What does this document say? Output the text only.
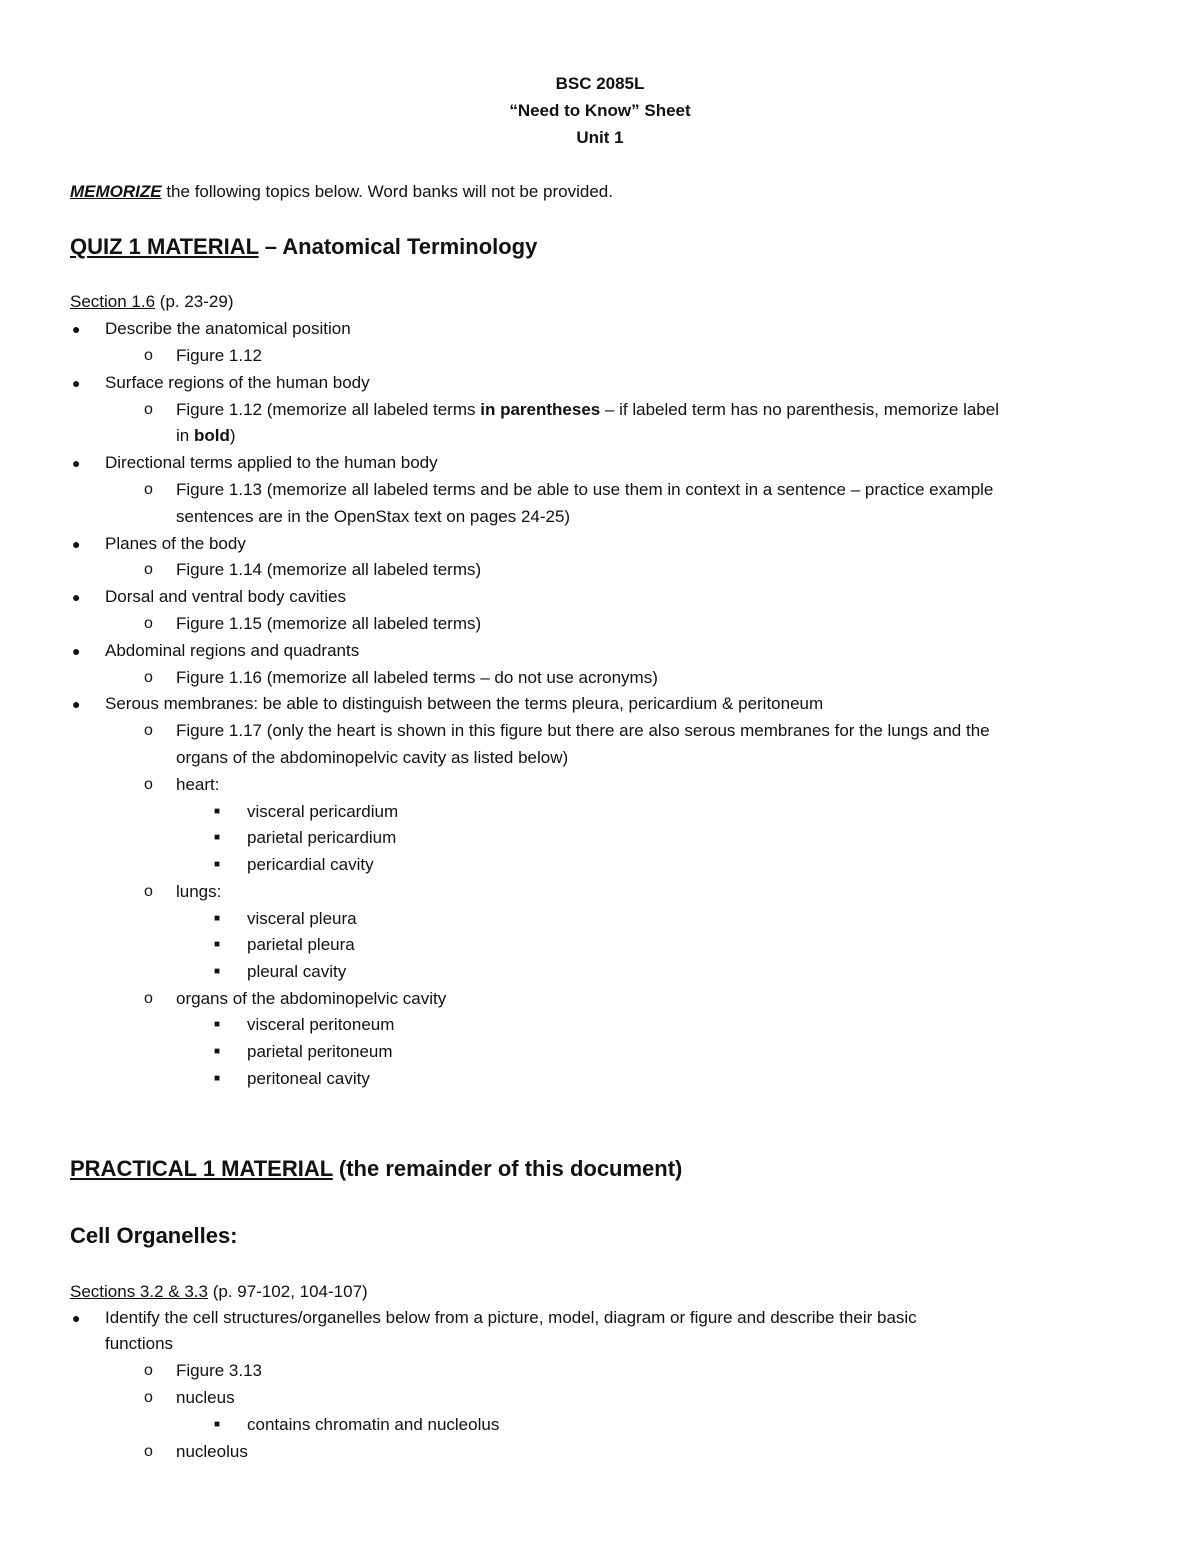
BSC 2085L
“Need to Know” Sheet
Unit 1
MEMORIZE the following topics below. Word banks will not be provided.
QUIZ 1 MATERIAL – Anatomical Terminology
Section 1.6 (p. 23-29)
● Describe the anatomical position
o Figure 1.12
● Surface regions of the human body
o Figure 1.12 (memorize all labeled terms in parentheses – if labeled term has no parenthesis, memorize label
in bold)
● Directional terms applied to the human body
o Figure 1.13 (memorize all labeled terms and be able to use them in context in a sentence – practice example
sentences are in the OpenStax text on pages 24-25)
● Planes of the body
o Figure 1.14 (memorize all labeled terms)
● Dorsal and ventral body cavities
o Figure 1.15 (memorize all labeled terms)
● Abdominal regions and quadrants
o Figure 1.16 (memorize all labeled terms – do not use acronyms)
● Serous membranes: be able to distinguish between the terms pleura, pericardium & peritoneum
o Figure 1.17 (only the heart is shown in this figure but there are also serous membranes for the lungs and the
organs of the abdominopelvic cavity as listed below)
o heart:
■ visceral pericardium
■ parietal pericardium
■ pericardial cavity
o lungs:
■ visceral pleura
■ parietal pleura
■ pleural cavity
o organs of the abdominopelvic cavity
■ visceral peritoneum
■ parietal peritoneum
■ peritoneal cavity
PRACTICAL 1 MATERIAL (the remainder of this document)
Cell Organelles:
Sections 3.2 & 3.3 (p. 97-102, 104-107)
● Identify the cell structures/organelles below from a picture, model, diagram or figure and describe their basic
functions
o Figure 3.13
o nucleus
■ contains chromatin and nucleolus
o nucleolus
